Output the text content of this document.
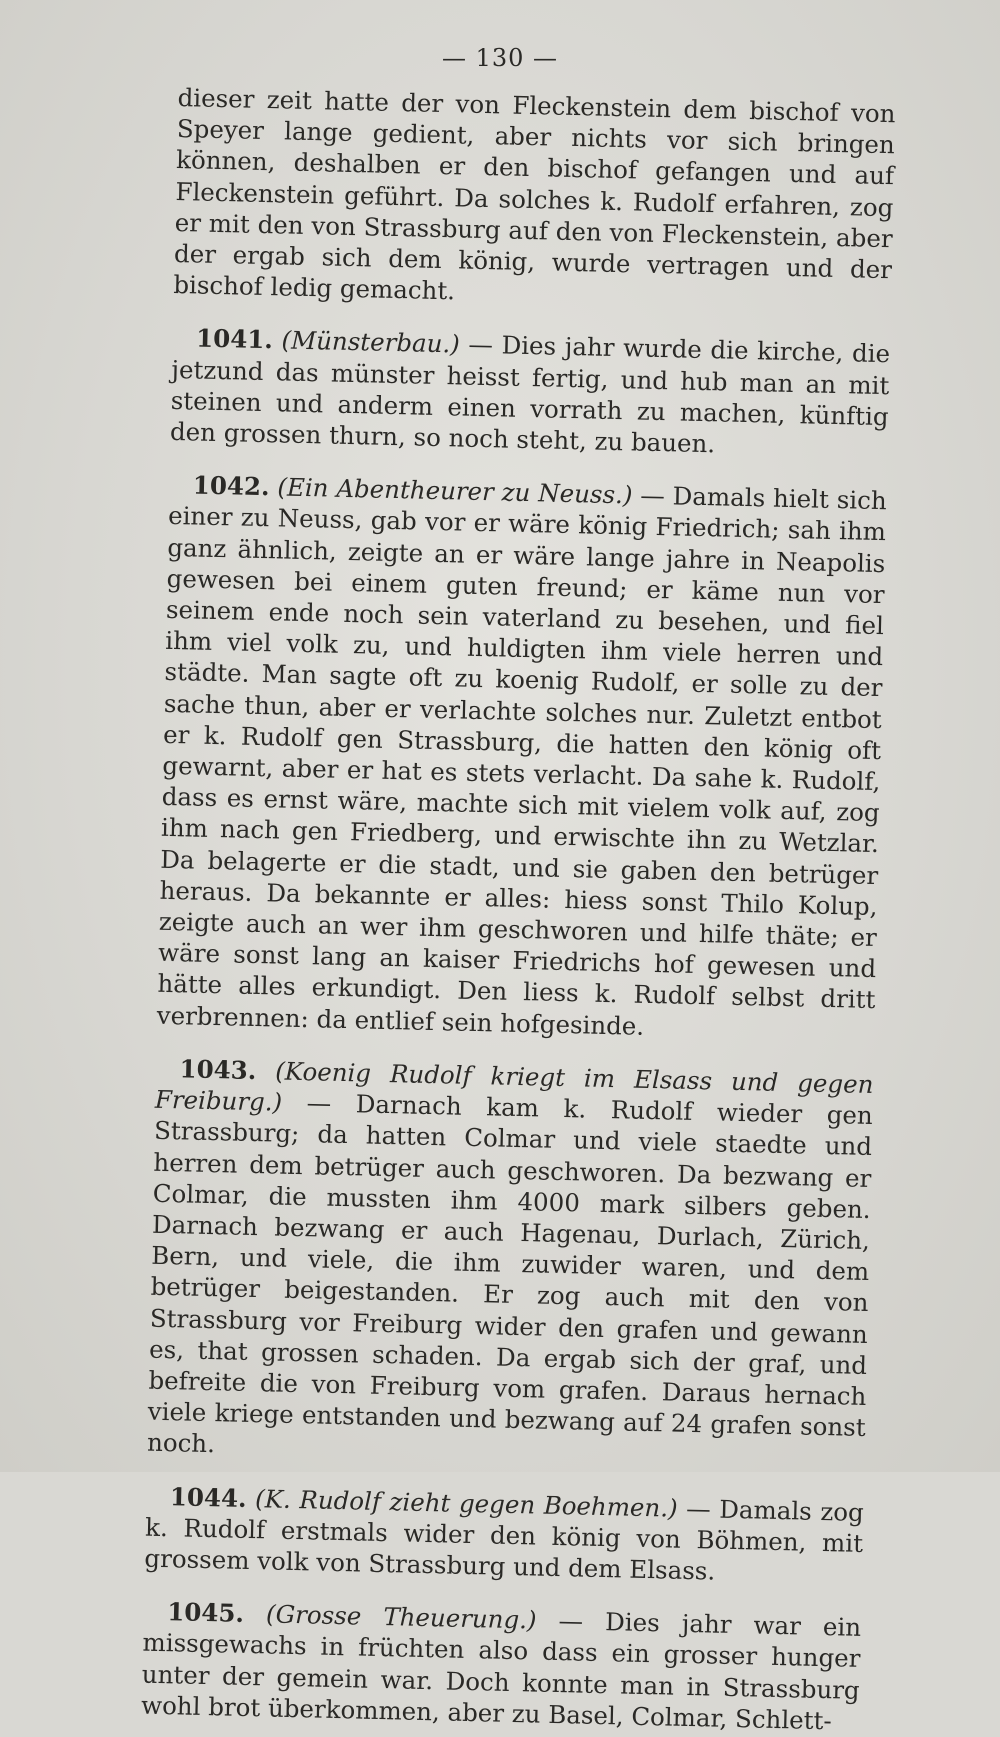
— 130 —

dieser zeit hatte der von Fleckenstein dem bischof von Speyer lange gedient, aber nichts vor sich bringen können, deshalben er den bischof gefangen und auf Fleckenstein geführt. Da solches k. Rudolf erfahren, zog er mit den von Strassburg auf den von Fleckenstein, aber der ergab sich dem könig, wurde vertragen und der bischof ledig gemacht.

1041. (Münsterbau.) — Dies jahr wurde die kirche, die jetzund das münster heisst fertig, und hub man an mit steinen und anderm einen vorrath zu machen, künftig den grossen thurn, so noch steht, zu bauen.

1042. (Ein Abentheurer zu Neuss.) — Damals hielt sich einer zu Neuss, gab vor er wäre könig Friedrich; sah ihm ganz ähnlich, zeigte an er wäre lange jahre in Neapolis gewesen bei einem guten freund; er käme nun vor seinem ende noch sein vaterland zu besehen, und fiel ihm viel volk zu, und huldigten ihm viele herren und städte. Man sagte oft zu koenig Rudolf, er solle zu der sache thun, aber er verlachte solches nur. Zuletzt entbot er k. Rudolf gen Strassburg, die hatten den könig oft gewarnt, aber er hat es stets verlacht. Da sahe k. Rudolf, dass es ernst wäre, machte sich mit vielem volk auf, zog ihm nach gen Friedberg, und erwischte ihn zu Wetzlar. Da belagerte er die stadt, und sie gaben den betrüger heraus. Da bekannte er alles: hiess sonst Thilo Kolup, zeigte auch an wer ihm geschworen und hilfe thäte; er wäre sonst lang an kaiser Friedrichs hof gewesen und hätte alles erkundigt. Den liess k. Rudolf selbst dritt verbrennen: da entlief sein hofgesinde.

1043. (Koenig Rudolf kriegt im Elsass und gegen Freiburg.) — Darnach kam k. Rudolf wieder gen Strassburg; da hatten Colmar und viele staedte und herren dem betrüger auch geschworen. Da bezwang er Colmar, die mussten ihm 4000 mark silbers geben. Darnach bezwang er auch Hagenau, Durlach, Zürich, Bern, und viele, die ihm zuwider waren, und dem betrüger beigestanden. Er zog auch mit den von Strassburg vor Freiburg wider den grafen und gewann es, that grossen schaden. Da ergab sich der graf, und befreite die von Freiburg vom grafen. Daraus hernach viele kriege entstanden und bezwang auf 24 grafen sonst noch.

1044. (K. Rudolf zieht gegen Boehmen.) — Damals zog k. Rudolf erstmals wider den könig von Böhmen, mit grossem volk von Strassburg und dem Elsass.

1045. (Grosse Theuerung.) — Dies jahr war ein missgewachs in früchten also dass ein grosser hunger unter der gemein war. Doch konnte man in Strassburg wohl brot überkommen, aber zu Basel, Colmar, Schlett-
